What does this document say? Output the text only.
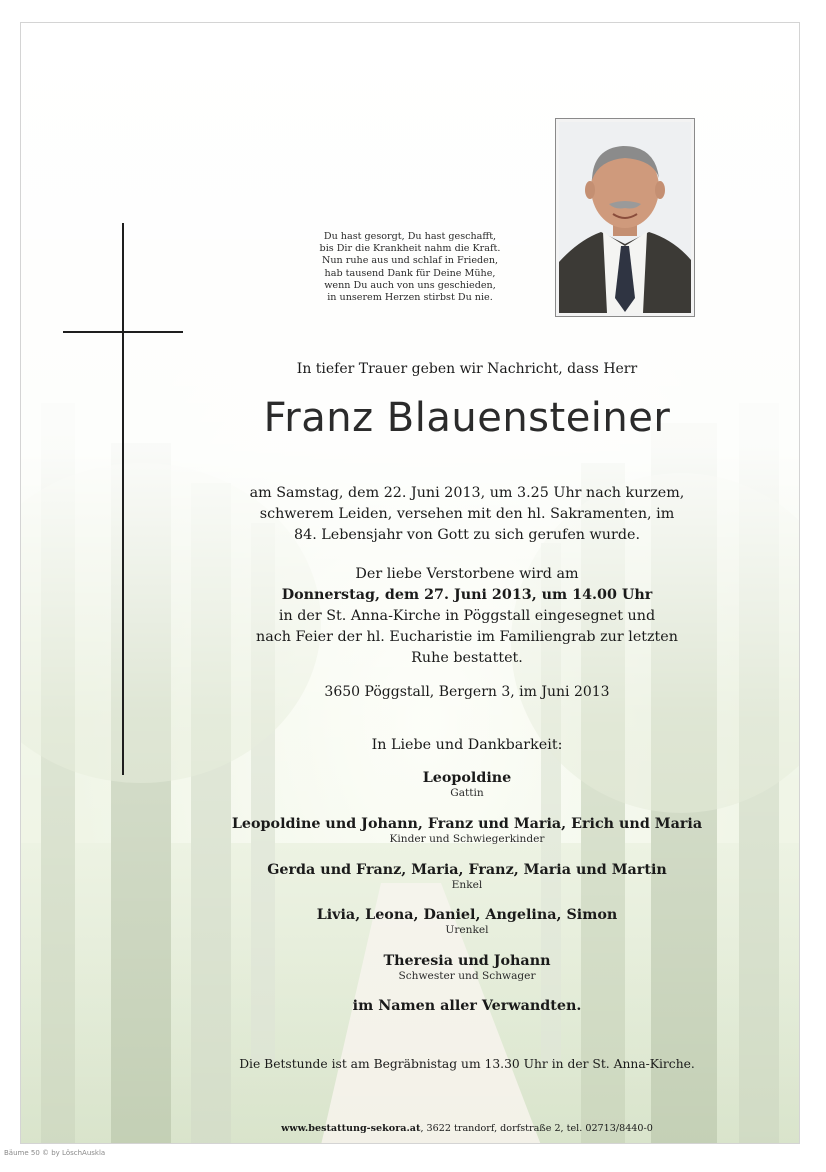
Du hast gesorgt, Du hast geschafft,
bis Dir die Krankheit nahm die Kraft.
Nun ruhe aus und schlaf in Frieden,
hab tausend Dank für Deine Mühe,
wenn Du auch von uns geschieden,
in unserem Herzen stirbst Du nie.
In tiefer Trauer geben wir Nachricht, dass Herr
Franz Blauensteiner
am Samstag, dem 22. Juni 2013, um 3.25 Uhr nach kurzem,
schwerem Leiden, versehen mit den hl. Sakramenten, im
84. Lebensjahr von Gott zu sich gerufen wurde.
Der liebe Verstorbene wird am
Donnerstag, dem 27. Juni 2013, um 14.00 Uhr
in der St. Anna-Kirche in Pöggstall eingesegnet und
nach Feier der hl. Eucharistie im Familiengrab zur letzten
Ruhe bestattet.
3650 Pöggstall, Bergern 3, im Juni 2013
In Liebe und Dankbarkeit:
Leopoldine
Gattin
Leopoldine und Johann, Franz und Maria, Erich und Maria
Kinder und Schwiegerkinder
Gerda und Franz, Maria, Franz, Maria und Martin
Enkel
Livia, Leona, Daniel, Angelina, Simon
Urenkel
Theresia und Johann
Schwester und Schwager
im Namen aller Verwandten.
Die Betstunde ist am Begräbnistag um 13.30 Uhr in der St. Anna-Kirche.
www.bestattung-sekora.at, 3622 trandorf, dorfstraße 2, tel. 02713/8440-0
Bäume 50 © by LöschAuskla
